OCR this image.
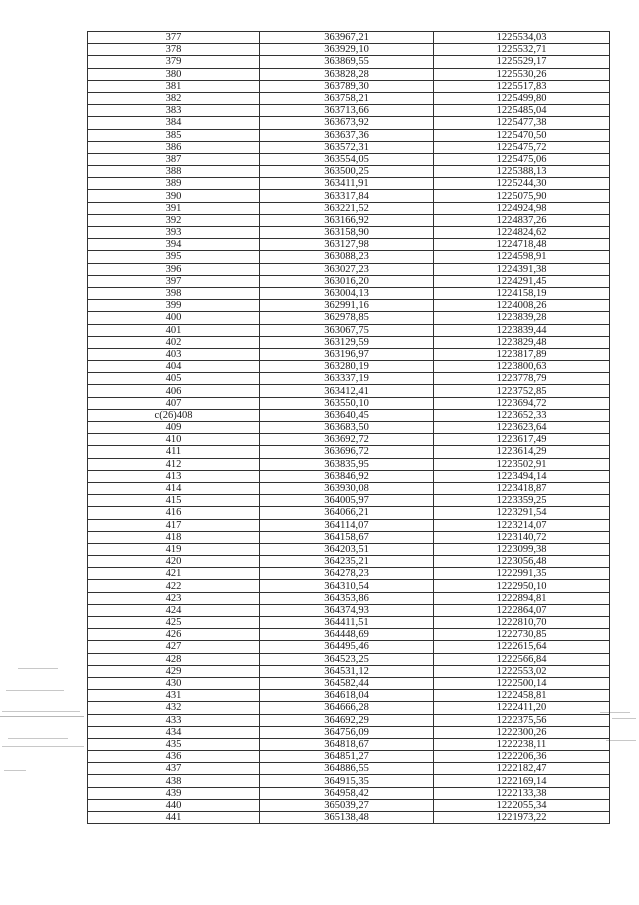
377	363967,21	1225534,03
378	363929,10	1225532,71
379	363869,55	1225529,17
380	363828,28	1225530,26
381	363789,30	1225517,83
382	363758,21	1225499,80
383	363713,66	1225485,04
384	363673,92	1225477,38
385	363637,36	1225470,50
386	363572,31	1225475,72
387	363554,05	1225475,06
388	363500,25	1225388,13
389	363411,91	1225244,30
390	363317,84	1225075,90
391	363221,52	1224924,98
392	363166,92	1224837,26
393	363158,90	1224824,62
394	363127,98	1224718,48
395	363088,23	1224598,91
396	363027,23	1224391,38
397	363016,20	1224291,45
398	363004,13	1224158,19
399	362991,16	1224008,26
400	362978,85	1223839,28
401	363067,75	1223839,44
402	363129,59	1223829,48
403	363196,97	1223817,89
404	363280,19	1223800,63
405	363337,19	1223778,79
406	363412,41	1223752,85
407	363550,10	1223694,72
c(26)408	363640,45	1223652,33
409	363683,50	1223623,64
410	363692,72	1223617,49
411	363696,72	1223614,29
412	363835,95	1223502,91
413	363846,92	1223494,14
414	363930,08	1223418,87
415	364005,97	1223359,25
416	364066,21	1223291,54
417	364114,07	1223214,07
418	364158,67	1223140,72
419	364203,51	1223099,38
420	364235,21	1223056,48
421	364278,23	1222991,35
422	364310,54	1222950,10
423	364353,86	1222894,81
424	364374,93	1222864,07
425	364411,51	1222810,70
426	364448,69	1222730,85
427	364495,46	1222615,64
428	364523,25	1222566,84
429	364531,12	1222553,02
430	364582,44	1222500,14
431	364618,04	1222458,81
432	364666,28	1222411,20
433	364692,29	1222375,56
434	364756,09	1222300,26
435	364818,67	1222238,11
436	364851,27	1222206,36
437	364886,55	1222182,47
438	364915,35	1222169,14
439	364958,42	1222133,38
440	365039,27	1222055,34
441	365138,48	1221973,22
